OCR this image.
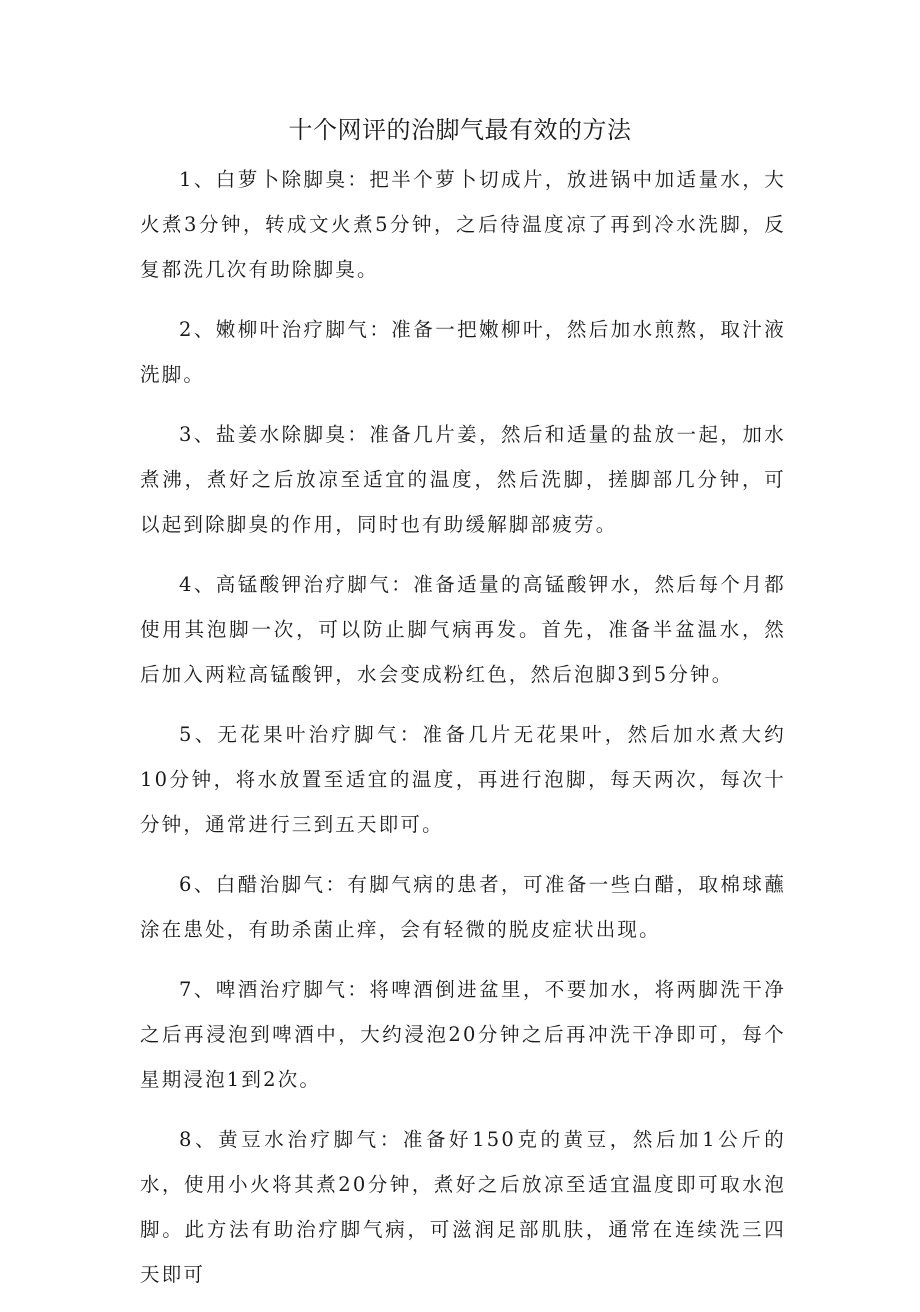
十个网评的治脚气最有效的方法

1、白萝卜除脚臭：把半个萝卜切成片，放进锅中加适量水，大火煮3分钟，转成文火煮5分钟，之后待温度凉了再到冷水洗脚，反复都洗几次有助除脚臭。

2、嫩柳叶治疗脚气：准备一把嫩柳叶，然后加水煎熬，取汁液洗脚。

3、盐姜水除脚臭：准备几片姜，然后和适量的盐放一起，加水煮沸，煮好之后放凉至适宜的温度，然后洗脚，搓脚部几分钟，可以起到除脚臭的作用，同时也有助缓解脚部疲劳。

4、高锰酸钾治疗脚气：准备适量的高锰酸钾水，然后每个月都使用其泡脚一次，可以防止脚气病再发。首先，准备半盆温水，然后加入两粒高锰酸钾，水会变成粉红色，然后泡脚3到5分钟。

5、无花果叶治疗脚气：准备几片无花果叶，然后加水煮大约10分钟，将水放置至适宜的温度，再进行泡脚，每天两次，每次十分钟，通常进行三到五天即可。

6、白醋治脚气：有脚气病的患者，可准备一些白醋，取棉球蘸涂在患处，有助杀菌止痒，会有轻微的脱皮症状出现。

7、啤酒治疗脚气：将啤酒倒进盆里，不要加水，将两脚洗干净之后再浸泡到啤酒中，大约浸泡20分钟之后再冲洗干净即可，每个星期浸泡1到2次。

8、黄豆水治疗脚气：准备好150克的黄豆，然后加1公斤的水，使用小火将其煮20分钟，煮好之后放凉至适宜温度即可取水泡脚。此方法有助治疗脚气病，可滋润足部肌肤，通常在连续洗三四天即可
